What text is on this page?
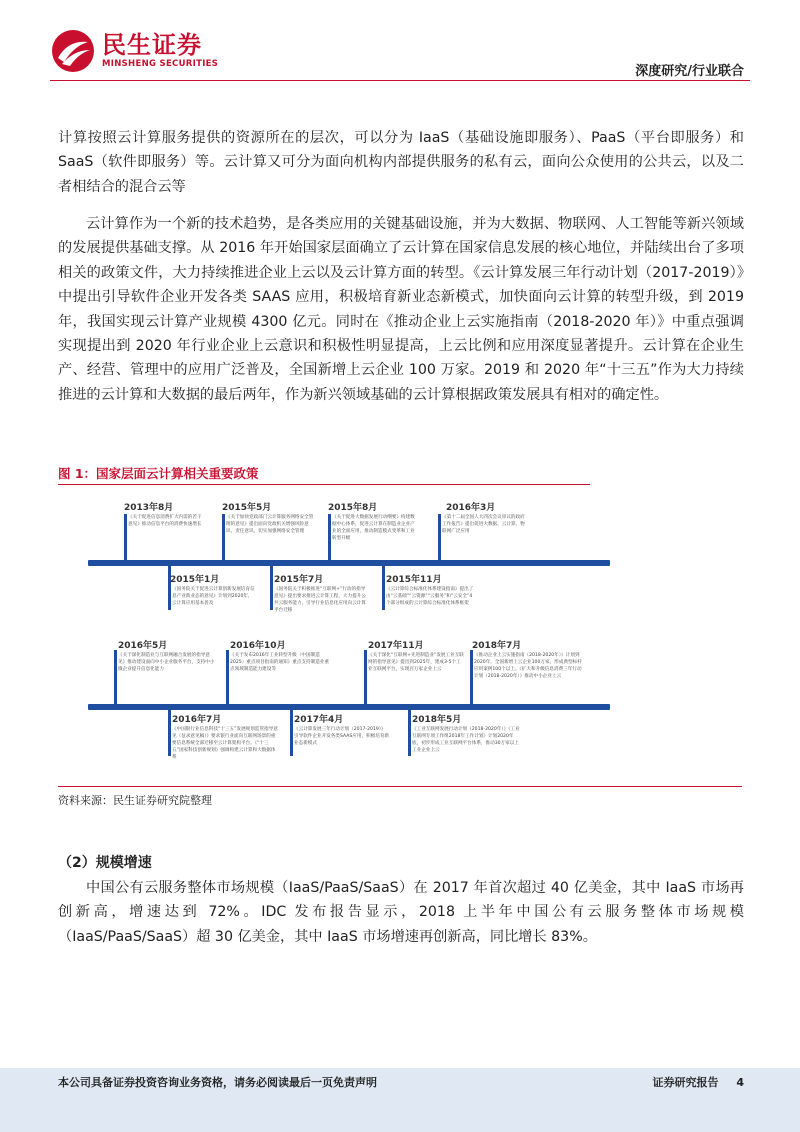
民生证券
MINSHENG SECURITIES	深度研究/行业联合

计算按照云计算服务提供的资源所在的层次，可以分为 IaaS（基础设施即服务）、PaaS（平台即服务）和 SaaS（软件即服务）等。云计算又可分为面向机构内部提供服务的私有云，面向公众使用的公共云，以及二者相结合的混合云等

云计算作为一个新的技术趋势，是各类应用的关键基础设施，并为大数据、物联网、人工智能等新兴领域的发展提供基础支撑。从 2016 年开始国家层面确立了云计算在国家信息发展的核心地位，并陆续出台了多项相关的政策文件，大力持续推进企业上云以及云计算方面的转型。《云计算发展三年行动计划（2017-2019）》中提出引导软件企业开发各类 SAAS 应用，积极培育新业态新模式，加快面向云计算的转型升级，到 2019 年，我国实现云计算产业规模 4300 亿元。同时在《推动企业上云实施指南（2018-2020 年）》中重点强调实现提出到 2020 年行业企业上云意识和积极性明显提高，上云比例和应用深度显著提升。云计算在企业生产、经营、管理中的应用广泛普及，全国新增上云企业 100 万家。2019 和 2020 年“十三五”作为大力持续推进的云计算和大数据的最后两年，作为新兴领域基础的云计算根据政策发展具有相对的确定性。

图 1：国家层面云计算相关重要政策
2013年8月
《关于促进信息消费扩大内需的若干意见》推动信息平台的消费快速增长
2015年5月
《关于加快党政部门云计算服务网络安全管理的意见》提出面向党政机关增强风险意识、责任意识，切实加强网络安全管理
2015年8月
《关于促进大数据发展行动纲要》构建数据中心体系，促进云计算在制造业企业产业的全面应用，推动制造模式变革和工业转型升级
2016年3月
《第十二届全国人大四次会议审议的政府工作报告》提出促进大数据、云计算、物联网广泛应用
2015年1月
《国务院关于促进云计算创新发展培育信息产业新业态的意见》计划到2020年，云计算应用基本普及
2015年7月
《国务院关于积极推进“互联网+”行动的指导意见》提出要求推进云计算工程，大力提升公共云服务能力，引导行业信息化应用向云计算平台迁移
2015年11月
《云计算综合标准化体系建设指南》提出了由“云基础”“云资源”“云服务”和“云安全”4个部分组成的云计算综合标准化体系框架
2016年5月
《关于深化制造业与互联网融合发展的指导意见》推动建设面向中小企业服务平台，支持中小微企业提升信息化能力
2016年10月
《关于发布2016年工业转型升级（中国制造2025）重点项目指南的通知》重点支持制造业重点领域制造能力建设等
2017年11月
《关于深化“互联网+先进制造业”发展工业互联网的指导意见》提出到2025年，建成3-5个工业互联网平台，实现百万家企业上云
2018年7月
《推动企业上云实施指南（2018-2020年）》计划到2020年，全国新增上云企业100万家，形成典型标杆应用案例100个以上。《扩大和升级信息消费三年行动计划（2018-2020年）》推动中小企业上云
2016年7月
《中国银行业信息科技“十三五”发展规划监管指导意见（征求意见稿）》要求银行业面向互联网场景的重要信息系统全部迁移至云计算架构平台。《“十三五”国家科技创新规划》强调构建云计算和大数据体系
2017年4月
《云计算发展三年行动计划（2017-2019）》引导软件企业开发各类SAAS应用，积极培育新业态新模式
2018年5月
《工业互联网发展行动计划（2018-2020年）》《工业互联网专项工作组2018年工作计划》计划2020年底，初步形成工业互联网平台体系，推动30万家以上工业企业上云
资料来源：民生证券研究院整理
（2）规模增速

中国公有云服务整体市场规模（IaaS/PaaS/SaaS）在 2017 年首次超过 40 亿美金，其中 IaaS 市场再创新高，增速达到 72%。IDC 发布报告显示，2018 上半年中国公有云服务整体市场规模（IaaS/PaaS/SaaS）超 30 亿美金，其中 IaaS 市场增速再创新高，同比增长 83%。

本公司具备证券投资咨询业务资格，请务必阅读最后一页免责声明	证券研究报告 4
